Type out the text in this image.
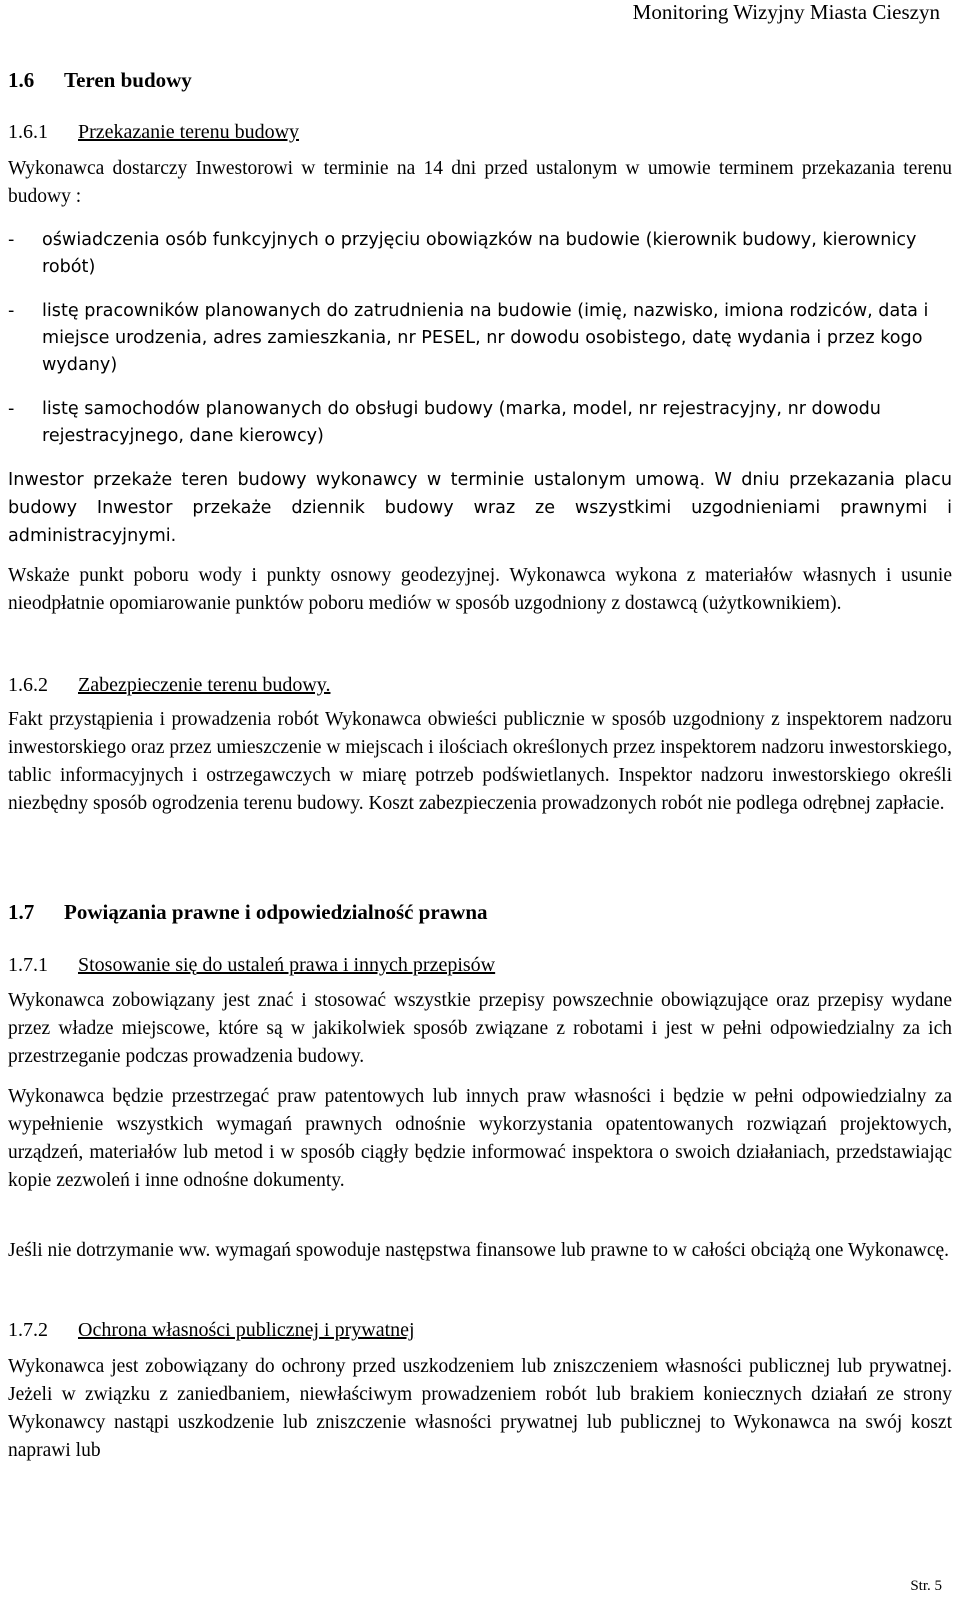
Monitoring Wizyjny Miasta Cieszyn
1.6 Teren budowy
1.6.1 Przekazanie terenu budowy
Wykonawca dostarczy Inwestorowi w terminie na 14 dni przed ustalonym w umowie terminem przekazania terenu budowy :
- oświadczenia osób funkcyjnych o przyjęciu obowiązków na budowie (kierownik budowy, kierownicy robót)
- listę pracowników planowanych do zatrudnienia na budowie (imię, nazwisko, imiona rodziców, data i miejsce urodzenia, adres zamieszkania, nr PESEL, nr dowodu osobistego, datę wydania i przez kogo wydany)
- listę samochodów planowanych do obsługi budowy (marka, model, nr rejestracyjny, nr dowodu rejestracyjnego, dane kierowcy)
Inwestor przekaże teren budowy wykonawcy w terminie ustalonym umową. W dniu przekazania placu budowy Inwestor przekaże dziennik budowy wraz ze wszystkimi uzgodnieniami prawnymi i administracyjnymi.
Wskaże punkt poboru wody i punkty osnowy geodezyjnej. Wykonawca wykona z materiałów własnych i usunie nieodpłatnie opomiarowanie punktów poboru mediów w sposób uzgodniony z dostawcą (użytkownikiem).
1.6.2 Zabezpieczenie terenu budowy.
Fakt przystąpienia i prowadzenia robót Wykonawca obwieści publicznie w sposób uzgodniony z inspektorem nadzoru inwestorskiego oraz przez umieszczenie w miejscach i ilościach określonych przez inspektorem nadzoru inwestorskiego, tablic informacyjnych i ostrzegawczych w miarę potrzeb podświetlanych. Inspektor nadzoru inwestorskiego określi niezbędny sposób ogrodzenia terenu budowy. Koszt zabezpieczenia prowadzonych robót nie podlega odrębnej zapłacie.
1.7 Powiązania prawne i odpowiedzialność prawna
1.7.1 Stosowanie się do ustaleń prawa i innych przepisów
Wykonawca zobowiązany jest znać i stosować wszystkie przepisy powszechnie obowiązujące oraz przepisy wydane przez władze miejscowe, które są w jakikolwiek sposób związane z robotami i jest w pełni odpowiedzialny za ich przestrzeganie podczas prowadzenia budowy.
Wykonawca będzie przestrzegać praw patentowych lub innych praw własności i będzie w pełni odpowiedzialny za wypełnienie wszystkich wymagań prawnych odnośnie wykorzystania opatentowanych rozwiązań projektowych, urządzeń, materiałów lub metod i w sposób ciągły będzie informować inspektora o swoich działaniach, przedstawiając kopie zezwoleń i inne odnośne dokumenty.
Jeśli nie dotrzymanie ww. wymagań spowoduje następstwa finansowe lub prawne to w całości obciążą one Wykonawcę.
1.7.2 Ochrona własności publicznej i prywatnej
Wykonawca jest zobowiązany do ochrony przed uszkodzeniem lub zniszczeniem własności publicznej lub prywatnej. Jeżeli w związku z zaniedbaniem, niewłaściwym prowadzeniem robót lub brakiem koniecznych działań ze strony Wykonawcy nastąpi uszkodzenie lub zniszczenie własności prywatnej lub publicznej to Wykonawca na swój koszt naprawi lub
Str. 5
